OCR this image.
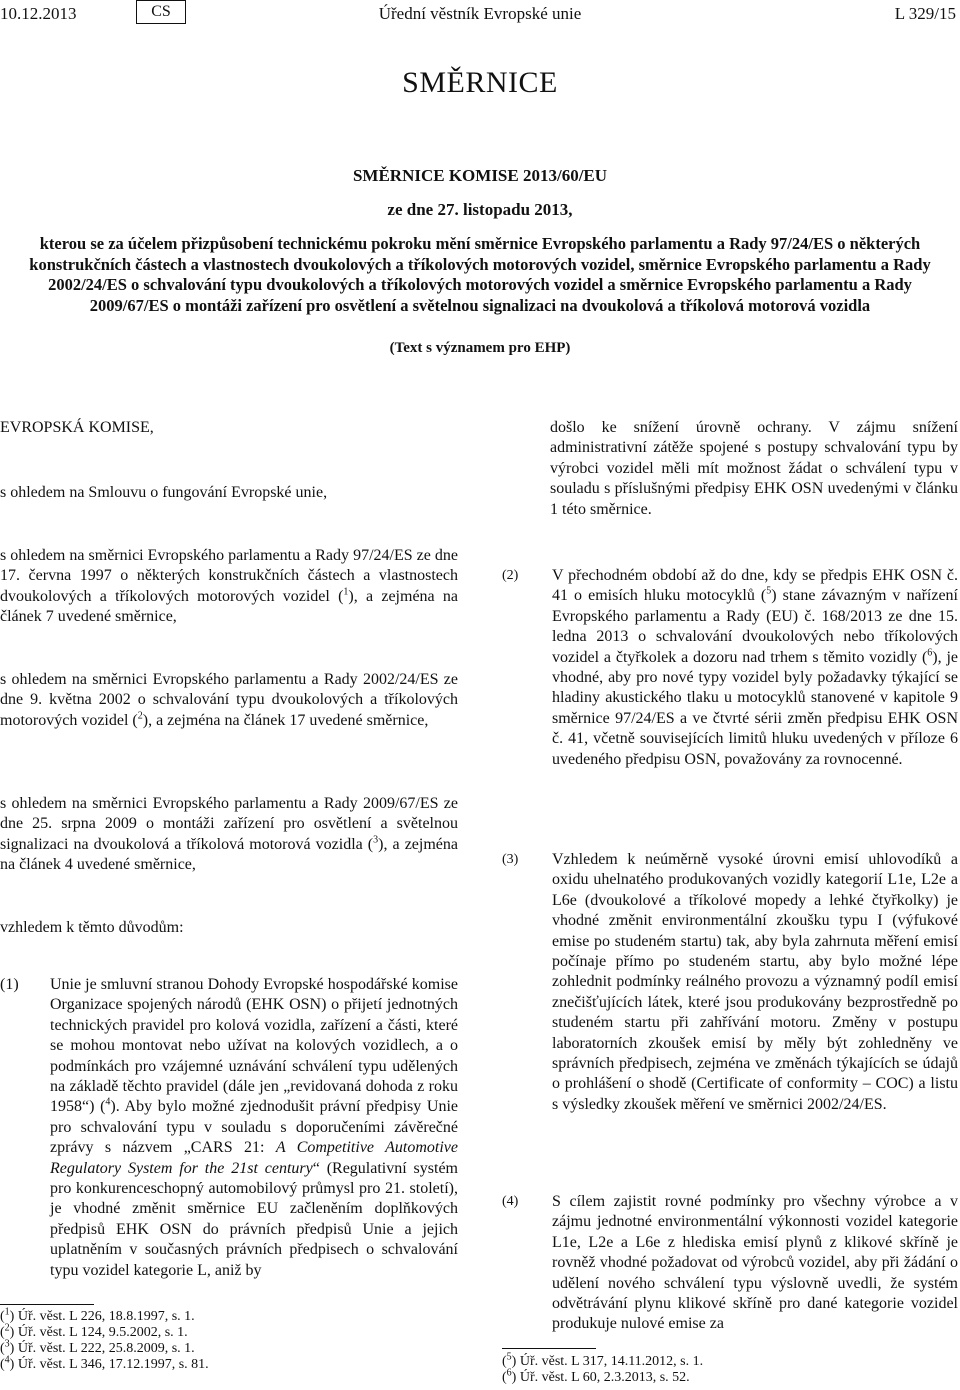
10.12.2013	CS	Úřední věstník Evropské unie	L 329/15
SMĚRNICE
SMĚRNICE KOMISE 2013/60/EU
ze dne 27. listopadu 2013,
kterou se za účelem přizpůsobení technickému pokroku mění směrnice Evropského parlamentu a Rady 97/24/ES o některých konstrukčních částech a vlastnostech dvoukolových a tříkolových motorových vozidel, směrnice Evropského parlamentu a Rady 2002/24/ES o schvalování typu dvoukolových a tříkolových motorových vozidel a směrnice Evropského parlamentu a Rady 2009/67/ES o montáži zařízení pro osvětlení a světelnou signalizaci na dvoukolová a tříkolová motorová vozidla
(Text s významem pro EHP)

EVROPSKÁ KOMISE,

s ohledem na Smlouvu o fungování Evropské unie,

s ohledem na směrnici Evropského parlamentu a Rady 97/24/ES ze dne 17. června 1997 o některých konstrukčních částech a vlastnostech dvoukolových a tříkolových motorových vozidel ($^1$), a zejména na článek 7 uvedené směrnice,

s ohledem na směrnici Evropského parlamentu a Rady 2002/24/ES ze dne 9. května 2002 o schvalování typu dvoukolových a tříkolových motorových vozidel ($^2$), a zejména na článek 17 uvedené směrnice,

s ohledem na směrnici Evropského parlamentu a Rady 2009/67/ES ze dne 25. srpna 2009 o montáži zařízení pro osvětlení a světelnou signalizaci na dvoukolová a tříkolová motorová vozidla ($^3$), a zejména na článek 4 uvedené směrnice,

vzhledem k těmto důvodům:

(1)	Unie je smluvní stranou Dohody Evropské hospodářské komise Organizace spojených národů (EHK OSN) o přijetí jednotných technických pravidel pro kolová vozidla, zařízení a části, které se mohou montovat nebo užívat na kolových vozidlech, a o podmínkách pro vzájemné uznávání schválení typu udělených na základě těchto pravidel (dále jen „revidovaná dohoda z roku 1958“) ($^4$). Aby bylo možné zjednodušit právní předpisy Unie pro schvalování typu v souladu s doporučeními závěrečné zprávy s názvem „CARS 21: A Competitive Automotive Regulatory System for the 21st century“ (Regulativní systém pro konkurenceschopný automobilový průmysl pro 21. století), je vhodné změnit směrnice EU začleněním doplňkových předpisů EHK OSN do právních předpisů Unie a jejich uplatněním v současných právních předpisech o schvalování typu vozidel kategorie L, aniž by
($^1$) Úř. věst. L 226, 18.8.1997, s. 1.
($^2$) Úř. věst. L 124, 9.5.2002, s. 1.
($^3$) Úř. věst. L 222, 25.8.2009, s. 1.
($^4$) Úř. věst. L 346, 17.12.1997, s. 81.

došlo ke snížení úrovně ochrany. V zájmu snížení administrativní zátěže spojené s postupy schvalování typu by výrobci vozidel měli mít možnost žádat o schválení typu v souladu s příslušnými předpisy EHK OSN uvedenými v článku 1 této směrnice.

(2)	V přechodném období až do dne, kdy se předpis EHK OSN č. 41 o emisích hluku motocyklů ($^5$) stane závazným v nařízení Evropského parlamentu a Rady (EU) č. 168/2013 ze dne 15. ledna 2013 o schvalování dvoukolových nebo tříkolových vozidel a čtyřkolek a dozoru nad trhem s těmito vozidly ($^6$), je vhodné, aby pro nové typy vozidel byly požadavky týkající se hladiny akustického tlaku u motocyklů stanovené v kapitole 9 směrnice 97/24/ES a ve čtvrté sérii změn předpisu EHK OSN č. 41, včetně souvisejících limitů hluku uvedených v příloze 6 uvedeného předpisu OSN, považovány za rovnocenné.
(3)	Vzhledem k neúměrně vysoké úrovni emisí uhlovodíků a oxidu uhelnatého produkovaných vozidly kategorií L1e, L2e a L6e (dvoukolové a tříkolové mopedy a lehké čtyřkolky) je vhodné změnit environmentální zkoušku typu I (výfukové emise po studeném startu) tak, aby byla zahrnuta měření emisí počínaje přímo po studeném startu, aby bylo možné lépe zohlednit podmínky reálného provozu a významný podíl emisí znečišťujících látek, které jsou produkovány bezprostředně po studeném startu při zahřívání motoru. Změny v postupu laboratorních zkoušek emisí by měly být zohledněny ve správních předpisech, zejména ve změnách týkajících se údajů o prohlášení o shodě (Certificate of conformity – COC) a listu s výsledky zkoušek měření ve směrnici 2002/24/ES.
(4)	S cílem zajistit rovné podmínky pro všechny výrobce a v zájmu jednotné environmentální výkonnosti vozidel kategorie L1e, L2e a L6e z hlediska emisí plynů z klikové skříně je rovněž vhodné požadovat od výrobců vozidel, aby při žádání o udělení nového schválení typu výslovně uvedli, že systém odvětrávání plynu klikové skříně pro dané kategorie vozidel produkuje nulové emise za
($^5$) Úř. věst. L 317, 14.11.2012, s. 1.
($^6$) Úř. věst. L 60, 2.3.2013, s. 52.
